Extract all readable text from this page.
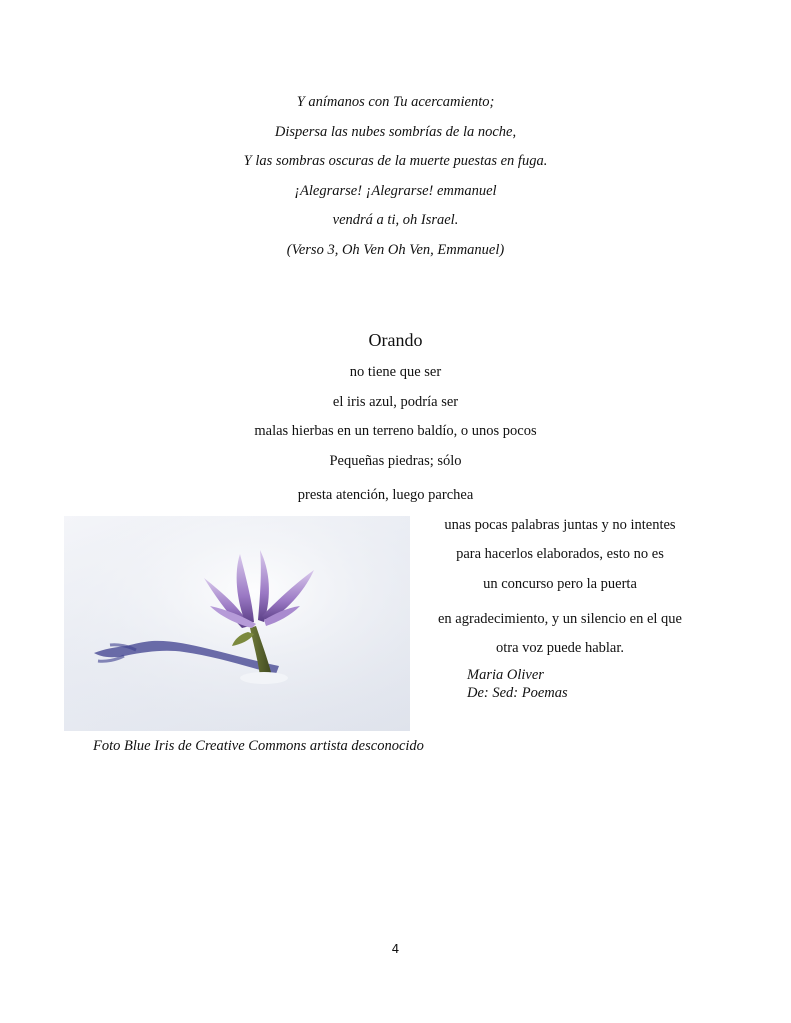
Y anímanos con Tu acercamiento;
Dispersa las nubes sombrías de la noche,
Y las sombras oscuras de la muerte puestas en fuga.
¡Alegrarse! ¡Alegrarse! emmanuel
vendrá a ti, oh Israel.
(Verso 3, Oh Ven Oh Ven, Emmanuel)
Orando
no tiene que ser
el iris azul, podría ser
malas hierbas en un terreno baldío, o unos pocos
Pequeñas piedras; sólo
presta atención, luego parchea
unas pocas palabras juntas y no intentes
para hacerlos elaborados, esto no es
un concurso pero la puerta
en agradecimiento, y un silencio en el que
otra voz puede hablar.
Maria Oliver
De: Sed: Poemas
Foto Blue Iris de Creative Commons artista desconocido
4
